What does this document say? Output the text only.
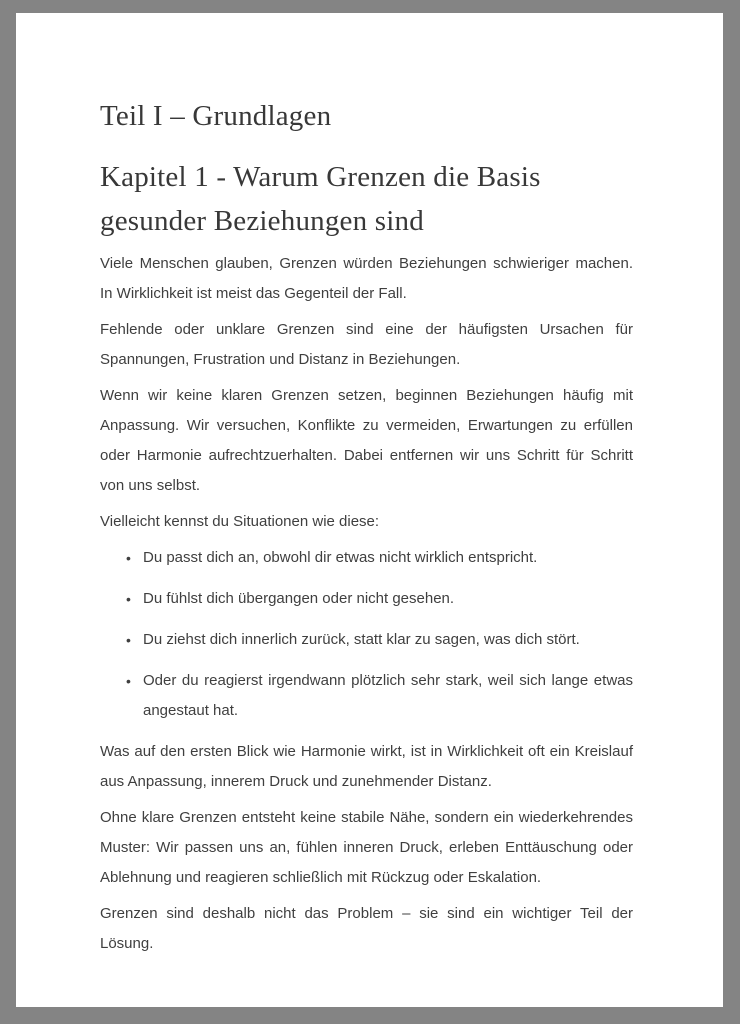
Teil I – Grundlagen
Kapitel 1 - Warum Grenzen die Basis gesunder Beziehungen sind

Viele Menschen glauben, Grenzen würden Beziehungen schwieriger machen. In Wirklichkeit ist meist das Gegenteil der Fall.

Fehlende oder unklare Grenzen sind eine der häufigsten Ursachen für Spannungen, Frustration und Distanz in Beziehungen.

Wenn wir keine klaren Grenzen setzen, beginnen Beziehungen häufig mit Anpassung. Wir versuchen, Konflikte zu vermeiden, Erwartungen zu erfüllen oder Harmonie aufrechtzuerhalten. Dabei entfernen wir uns Schritt für Schritt von uns selbst.

Vielleicht kennst du Situationen wie diese:

• Du passt dich an, obwohl dir etwas nicht wirklich entspricht.
• Du fühlst dich übergangen oder nicht gesehen.
• Du ziehst dich innerlich zurück, statt klar zu sagen, was dich stört.
• Oder du reagierst irgendwann plötzlich sehr stark, weil sich lange etwas angestaut hat.

Was auf den ersten Blick wie Harmonie wirkt, ist in Wirklichkeit oft ein Kreislauf aus Anpassung, innerem Druck und zunehmender Distanz.

Ohne klare Grenzen entsteht keine stabile Nähe, sondern ein wiederkehrendes Muster: Wir passen uns an, fühlen inneren Druck, erleben Enttäuschung oder Ablehnung und reagieren schließlich mit Rückzug oder Eskalation.

Grenzen sind deshalb nicht das Problem – sie sind ein wichtiger Teil der Lösung.
